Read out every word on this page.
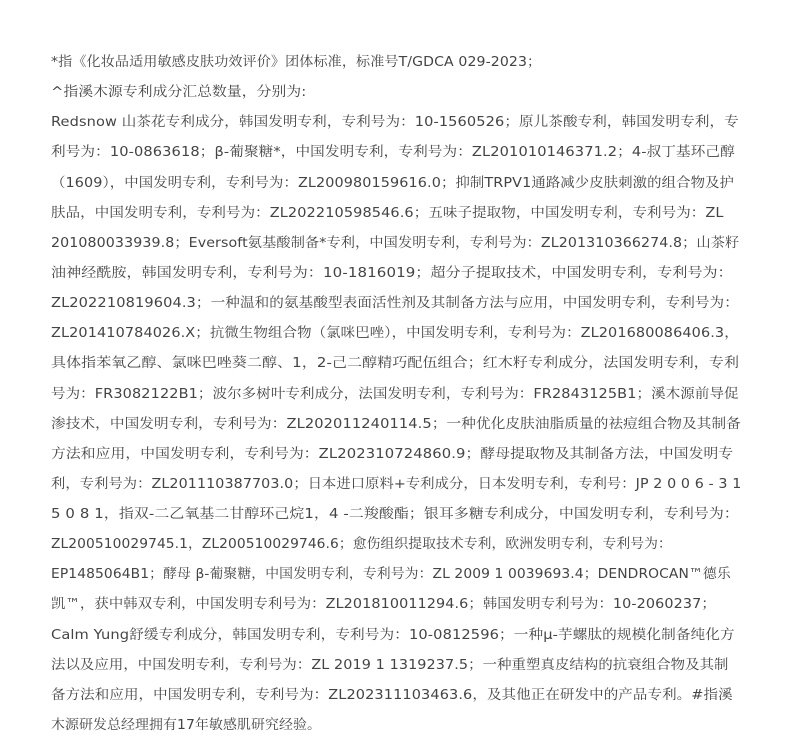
*指《化妆品适用敏感皮肤功效评价》团体标准，标准号T/GDCA 029-2023；
^指溪木源专利成分汇总数量，分别为:
Redsnow 山茶花专利成分，韩国发明专利，专利号为：10-1560526；原儿茶酸专利，韩国发明专利，专
利号为：10-0863618；β-葡聚糖*，中国发明专利，专利号为：ZL201010146371.2；4-叔丁基环己醇
（1609），中国发明专利，专利号为：ZL200980159616.0；抑制TRPV1通路减少皮肤刺激的组合物及护
肤品，中国发明专利，专利号为：ZL202210598546.6；五味子提取物，中国发明专利，专利号为：ZL
201080033939.8；Eversoft氨基酸制备*专利，中国发明专利，专利号为：ZL201310366274.8；山茶籽
油神经酰胺，韩国发明专利，专利号为：10-1816019；超分子提取技术，中国发明专利，专利号为：
ZL202210819604.3；一种温和的氨基酸型表面活性剂及其制备方法与应用，中国发明专利，专利号为：
ZL201410784026.X；抗微生物组合物（氯咪巴唑），中国发明专利，专利号为：ZL201680086406.3，
具体指苯氧乙醇、氯咪巴唑葵二醇、1，2-己二醇精巧配伍组合；红木籽专利成分，法国发明专利，专利
号为：FR3082122B1；波尔多树叶专利成分，法国发明专利，专利号为：FR2843125B1；溪木源前导促
渗技术，中国发明专利，专利号为：ZL202011240114.5；一种优化皮肤油脂质量的祛痘组合物及其制备
方法和应用，中国发明专利，专利号为：ZL202310724860.9；酵母提取物及其制备方法，中国发明专
利，专利号为：ZL201110387703.0；日本进口原料+专利成分，日本发明专利，专利号：JP 2 0 0 6 - 3 1
5 0 8 1，指双-二乙氧基二甘醇环己烷1，4 -二羧酸酯；银耳多糖专利成分，中国发明专利，专利号为：
ZL200510029745.1，ZL200510029746.6；愈伤组织提取技术专利，欧洲发明专利，专利号为：
EP1485064B1；酵母 β-葡聚糖，中国发明专利，专利号为：ZL 2009 1 0039693.4；DENDROCAN™德乐
凯™，获中韩双专利，中国发明专利号为：ZL201810011294.6；韩国发明专利号为：10-2060237；
Calm Yung舒缓专利成分，韩国发明专利，专利号为：10-0812596；一种μ-芋螺肽的规模化制备纯化方
法以及应用，中国发明专利，专利号为：ZL 2019 1 1319237.5；一种重塑真皮结构的抗衰组合物及其制
备方法和应用，中国发明专利，专利号为：ZL202311103463.6，及其他正在研发中的产品专利。#指溪
木源研发总经理拥有17年敏感肌研究经验。
